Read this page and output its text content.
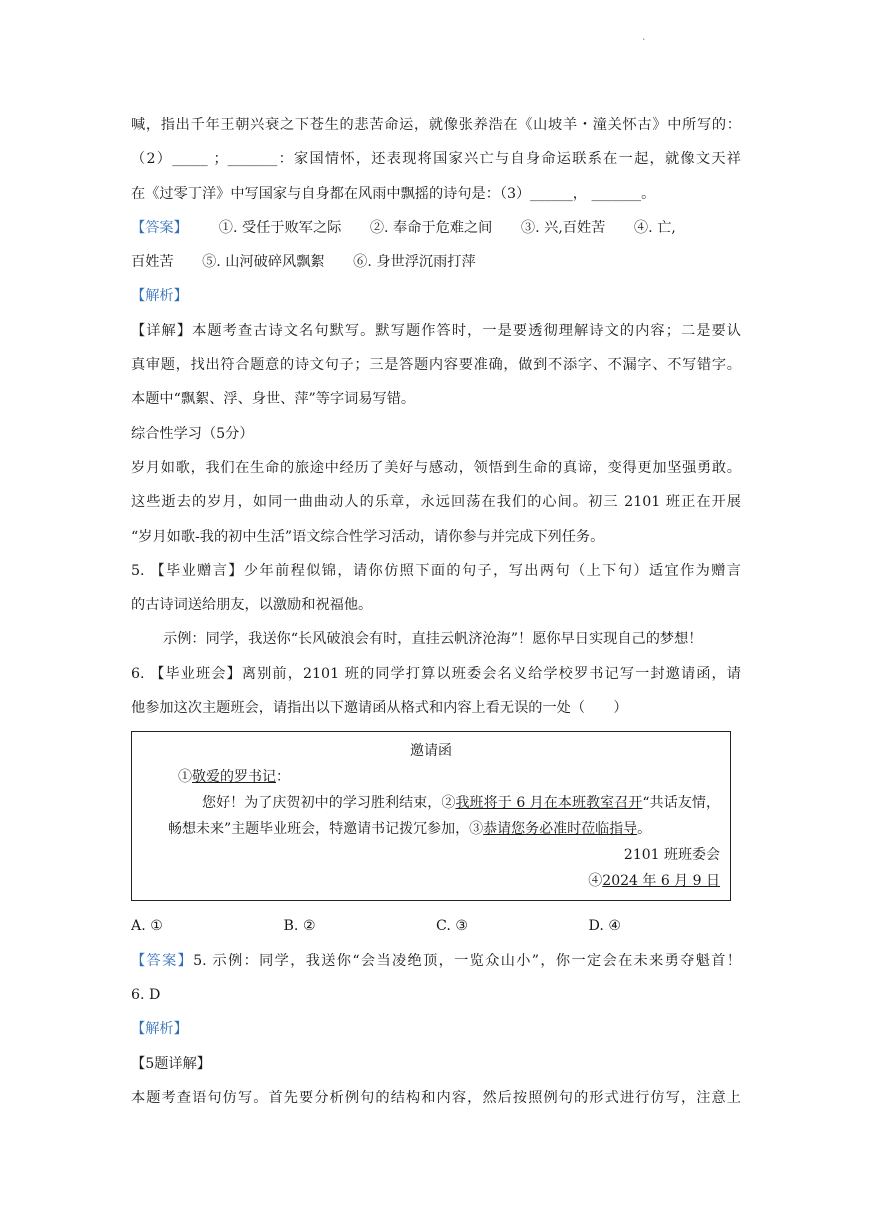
.
喊，指出千年王朝兴衰之下苍生的悲苦命运，就像张养浩在《山坡羊・潼关怀古》中所写的：
（2）_____ ；_______：家国情怀，还表现将国家兴亡与自身命运联系在一起，就像文天祥
在《过零丁洋》中写国家与自身都在风雨中飘摇的诗句是：（3）______， _______。
【答案】 ①. 受任于败军之际 ②. 奉命于危难之间 ③. 兴,百姓苦 ④. 亡,
百姓苦 ⑤. 山河破碎风飘絮 ⑥. 身世浮沉雨打萍
【解析】
【详解】本题考查古诗文名句默写。默写题作答时，一是要透彻理解诗文的内容；二是要认
真审题，找出符合题意的诗文句子；三是答题内容要准确，做到不添字、不漏字、不写错字。
本题中“飘絮、浮、身世、萍”等字词易写错。
综合性学习（5分）
岁月如歌，我们在生命的旅途中经历了美好与感动，领悟到生命的真谛，变得更加坚强勇敢。
这些逝去的岁月，如同一曲曲动人的乐章，永远回荡在我们的心间。初三 2101 班正在开展
“岁月如歌-我的初中生活”语文综合性学习活动，请你参与并完成下列任务。
5. 【毕业赠言】少年前程似锦，请你仿照下面的句子，写出两句（上下句）适宜作为赠言
的古诗词送给朋友，以激励和祝福他。
示例：同学，我送你“长风破浪会有时，直挂云帆济沧海”！愿你早日实现自己的梦想！
6. 【毕业班会】离别前，2101 班的同学打算以班委会名义给学校罗书记写一封邀请函，请
他参加这次主题班会，请指出以下邀请函从格式和内容上看无误的一处（　　）
邀请函
①敬爱的罗书记：
您好！为了庆贺初中的学习胜利结束，②我班将于 6 月在本班教室召开“共话友情，
畅想未来”主题毕业班会，特邀请书记拨冗参加，③恭请您务必准时莅临指导。
2101 班班委会
④2024 年 6 月 9 日
A. ①	B. ②	C. ③	D. ④
【答案】5. 示例：同学，我送你“会当凌绝顶，一览众山小”，你一定会在未来勇夺魁首！
6. D
【解析】
【5题详解】
本题考查语句仿写。首先要分析例句的结构和内容，然后按照例句的形式进行仿写，注意上
